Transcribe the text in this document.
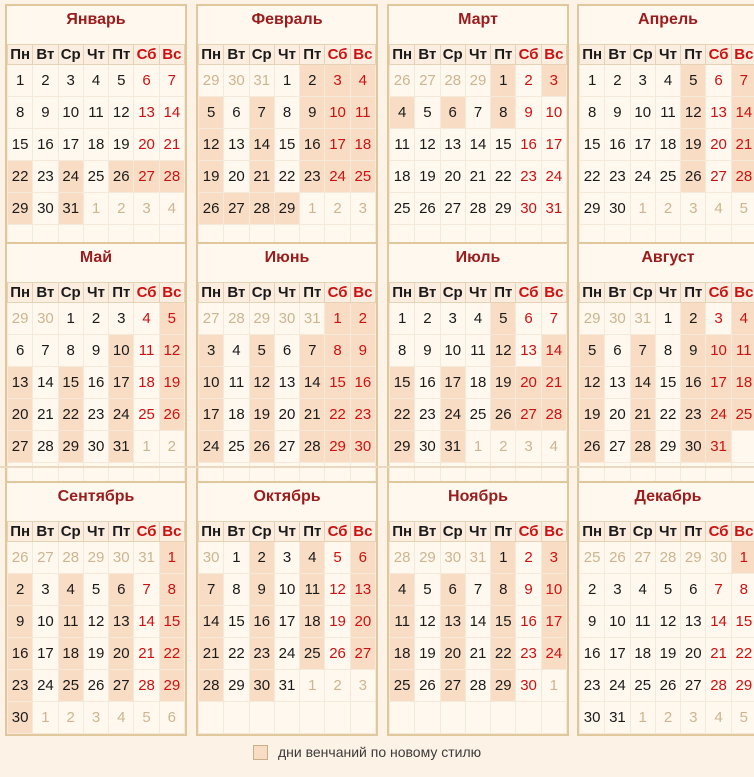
Январь
Пн	Вт	Ср	Чт	Пт	Сб	Вс
1	2	3	4	5	6	7
8	9	10	11	12	13	14
15	16	17	18	19	20	21
22	23	24	25	26	27	28
29	30	31	1	2	3	4

Февраль
Пн	Вт	Ср	Чт	Пт	Сб	Вс
29	30	31	1	2	3	4
5	6	7	8	9	10	11
12	13	14	15	16	17	18
19	20	21	22	23	24	25
26	27	28	29	1	2	3

Март
Пн	Вт	Ср	Чт	Пт	Сб	Вс
26	27	28	29	1	2	3
4	5	6	7	8	9	10
11	12	13	14	15	16	17
18	19	20	21	22	23	24
25	26	27	28	29	30	31

Апрель
Пн	Вт	Ср	Чт	Пт	Сб	Вс
1	2	3	4	5	6	7
8	9	10	11	12	13	14
15	16	17	18	19	20	21
22	23	24	25	26	27	28
29	30	1	2	3	4	5

Май
Пн	Вт	Ср	Чт	Пт	Сб	Вс
29	30	1	2	3	4	5
6	7	8	9	10	11	12
13	14	15	16	17	18	19
20	21	22	23	24	25	26
27	28	29	30	31	1	2

Июнь
Пн	Вт	Ср	Чт	Пт	Сб	Вс
27	28	29	30	31	1	2
3	4	5	6	7	8	9
10	11	12	13	14	15	16
17	18	19	20	21	22	23
24	25	26	27	28	29	30

Июль
Пн	Вт	Ср	Чт	Пт	Сб	Вс
1	2	3	4	5	6	7
8	9	10	11	12	13	14
15	16	17	18	19	20	21
22	23	24	25	26	27	28
29	30	31	1	2	3	4

Август
Пн	Вт	Ср	Чт	Пт	Сб	Вс
29	30	31	1	2	3	4
5	6	7	8	9	10	11
12	13	14	15	16	17	18
19	20	21	22	23	24	25
26	27	28	29	30	31	

Сентябрь
Пн	Вт	Ср	Чт	Пт	Сб	Вс
26	27	28	29	30	31	1
2	3	4	5	6	7	8
9	10	11	12	13	14	15
16	17	18	19	20	21	22
23	24	25	26	27	28	29
30	1	2	3	4	5	6
Октябрь
Пн	Вт	Ср	Чт	Пт	Сб	Вс
30	1	2	3	4	5	6
7	8	9	10	11	12	13
14	15	16	17	18	19	20
21	22	23	24	25	26	27
28	29	30	31	1	2	3

Ноябрь
Пн	Вт	Ср	Чт	Пт	Сб	Вс
28	29	30	31	1	2	3
4	5	6	7	8	9	10
11	12	13	14	15	16	17
18	19	20	21	22	23	24
25	26	27	28	29	30	1

Декабрь
Пн	Вт	Ср	Чт	Пт	Сб	Вс
25	26	27	28	29	30	1
2	3	4	5	6	7	8
9	10	11	12	13	14	15
16	17	18	19	20	21	22
23	24	25	26	27	28	29
30	31	1	2	3	4	5
дни венчаний по новому стилю
